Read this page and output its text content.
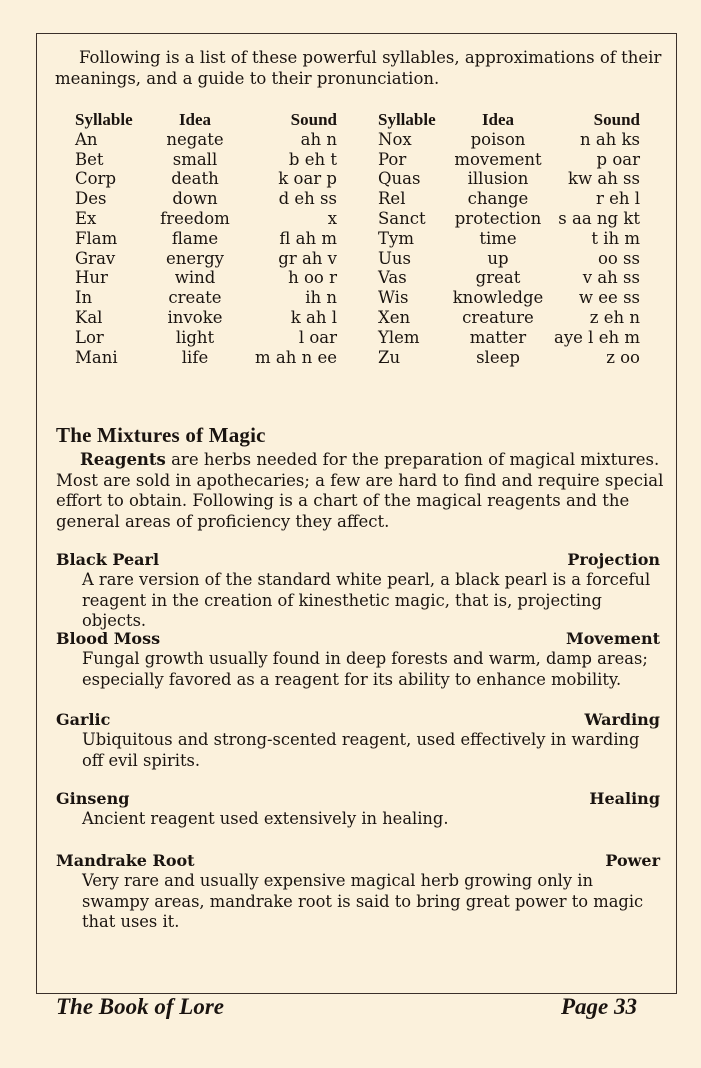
Following is a list of these powerful syllables, approximations of their meanings, and a guide to their pronunciation.

Syllable	Idea	Sound
An	negate	ah n
Bet	small	b eh t
Corp	death	k oar p
Des	down	d eh ss
Ex	freedom	x
Flam	flame	fl ah m
Grav	energy	gr ah v
Hur	wind	h oo r
In	create	ih n
Kal	invoke	k ah l
Lor	light	l oar
Mani	life	m ah n ee
Syllable	Idea	Sound
Nox	poison	n ah ks
Por	movement	p oar
Quas	illusion	kw ah ss
Rel	change	r eh l
Sanct	protection	s aa ng kt
Tym	time	t ih m
Uus	up	oo ss
Vas	great	v ah ss
Wis	knowledge	w ee ss
Xen	creature	z eh n
Ylem	matter	aye l eh m
Zu	sleep	z oo
The Mixtures of Magic

Reagents are herbs needed for the preparation of magical mixtures. Most are sold in apothecaries; a few are hard to find and require special effort to obtain. Following is a chart of the magical reagents and the general areas of proficiency they affect.

Black Pearl	Projection

A rare version of the standard white pearl, a black pearl is a forceful reagent in the creation of kinesthetic magic, that is, projecting objects.

Blood Moss	Movement

Fungal growth usually found in deep forests and warm, damp areas; especially favored as a reagent for its ability to enhance mobility.

Garlic	Warding

Ubiquitous and strong-scented reagent, used effectively in warding off evil spirits.

Ginseng	Healing

Ancient reagent used extensively in healing.

Mandrake Root	Power

Very rare and usually expensive magical herb growing only in swampy areas, mandrake root is said to bring great power to magic that uses it.

The Book of Lore	Page 33
